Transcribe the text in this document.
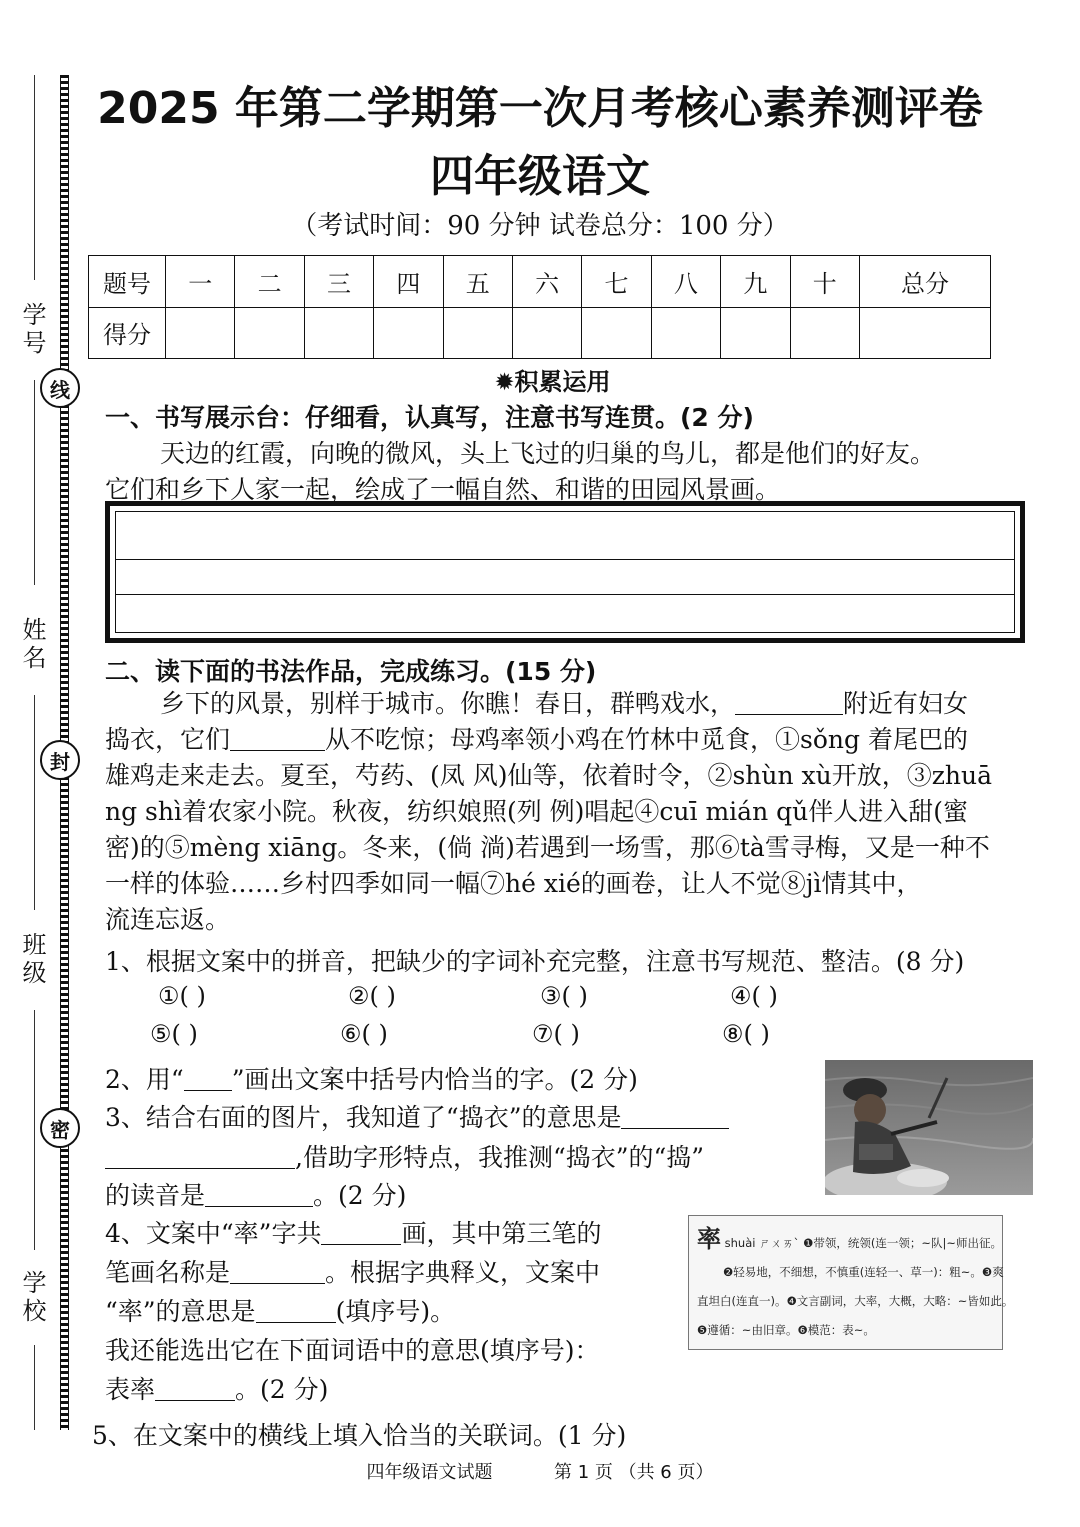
学号
姓名
班级
学校
线
封
密
2025 年第二学期第一次月考核心素养测评卷
四年级语文
（考试时间：90 分钟 试卷总分：100 分）
题号	一	二	三	四	五	六	七	八	九	十	总分
得分											
✹积累运用
一、书写展示台：仔细看，认真写，注意书写连贯。(2 分)
天边的红霞，向晚的微风，头上飞过的归巢的鸟儿，都是他们的好友。
它们和乡下人家一起，绘成了一幅自然、和谐的田园风景画。
二、读下面的书法作品，完成练习。(15 分)
乡下的风景，别样于城市。你瞧！春日，群鸭戏水，	附近有妇女
捣衣，它们	从不吃惊；母鸡率领小鸡在竹林中觅食，①sǒng 着尾巴的
雄鸡走来走去。夏至，芍药、(凤 风)仙等，依着时令，②shùn xù开放，③zhuā
ng shì着农家小院。秋夜，纺织娘照(列 例)唱起④cuī mián qǔ伴人进入甜(蜜
密)的⑤mèng xiāng。冬来，(倘 淌)若遇到一场雪，那⑥tà雪寻梅，又是一种不
一样的体验……乡村四季如同一幅⑦hé xié的画卷，让人不觉⑧jì情其中，
流连忘返。
1、根据文案中的拼音，把缺少的字词补充完整，注意书写规范、整洁。(8 分)
①( )	②( )	③( )	④( )
⑤( )	⑥( )	⑦( )	⑧( )
2、用“ ”画出文案中括号内恰当的字。(2 分)
3、结合右面的图片，我知道了“捣衣”的意思是
,借助字形特点，我推测“捣衣”的“捣”
的读音是	。(2 分)
4、文案中“率”字共	画，其中第三笔的
笔画名称是	。根据字典释义，文案中
“率”的意思是	(填序号)。
我还能选出它在下面词语中的意思(填序号)：
表率	。(2 分)
率 shuài ㄕㄨㄞˋ ❶带领，统领(连一领；~队|~师出征。
❷轻易地，不细想，不慎重(连轻一、草一)：粗~。❸爽
直坦白(连直一)。❹文言副词，大率，大概，大略：~皆如此。
❺遵循：~由旧章。❻模范：表~。
5、在文案中的横线上填入恰当的关联词。(1 分)
四年级语文试题	第 1 页 （共 6 页）
